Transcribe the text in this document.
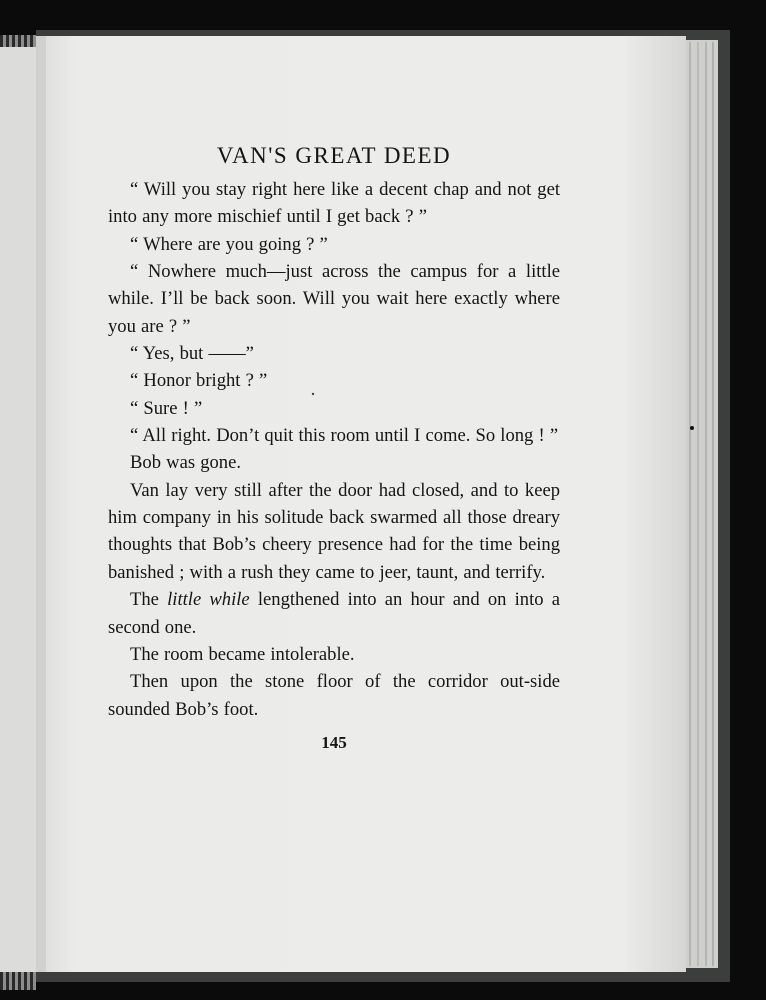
VAN'S GREAT DEED

“ Will you stay right here like a decent chap and not get into any more mischief until I get back ? ”

“ Where are you going ? ”

“ Nowhere much—just across the campus for a little while. I’ll be back soon. Will you wait here exactly where you are ? ”

“ Yes, but ——”

“ Honor bright ? ”

“ Sure ! ”

“ All right. Don’t quit this room until I come. So long ! ”

Bob was gone.

Van lay very still after the door had closed, and to keep him company in his solitude back swarmed all those dreary thoughts that Bob’s cheery presence had for the time being banished ; with a rush they came to jeer, taunt, and terrify.

The little while lengthened into an hour and on into a second one.

The room became intolerable.

Then upon the stone floor of the corridor out-side sounded Bob’s foot.

145
